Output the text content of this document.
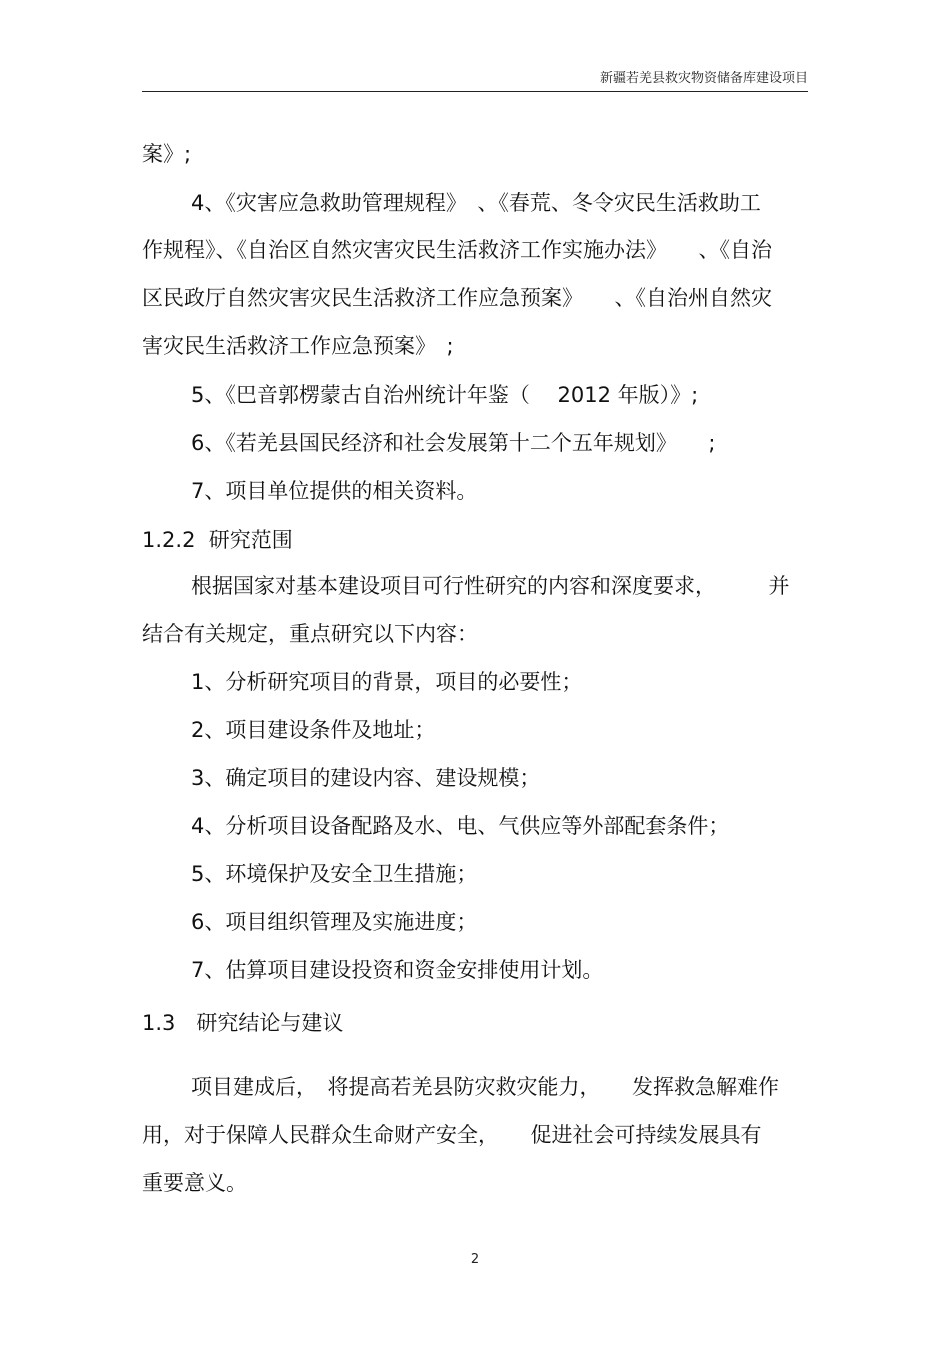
新疆若羌县救灾物资储备库建设项目
案》;
4、《灾害应急救助管理规程》　、《春荒、冬令灾民生活救助工
作规程》、《自治区自然灾害灾民生活救济工作实施办法》　　、《自治
区民政厅自然灾害灾民生活救济工作应急预案》　　、《自治州自然灾
害灾民生活救济工作应急预案》　;
5、《巴音郭楞蒙古自治州统计年鉴（　 2012 年版）》;
6、《若羌县国民经济和社会发展第十二个五年规划》　　;
7、项目单位提供的相关资料。
1.2.2  研究范围
根据国家对基本建设项目可行性研究的内容和深度要求，　　　并
结合有关规定，重点研究以下内容：
1、分析研究项目的背景，项目的必要性；
2、项目建设条件及地址；
3、确定项目的建设内容、建设规模；
4、分析项目设备配路及水、电、气供应等外部配套条件；
5、环境保护及安全卫生措施；
6、项目组织管理及实施进度；
7、估算项目建设投资和资金安排使用计划。
1.3　研究结论与建议
项目建成后，　将提高若羌县防灾救灾能力，　　发挥救急解难作
用，对于保障人民群众生命财产安全，　　促进社会可持续发展具有
重要意义。
2
